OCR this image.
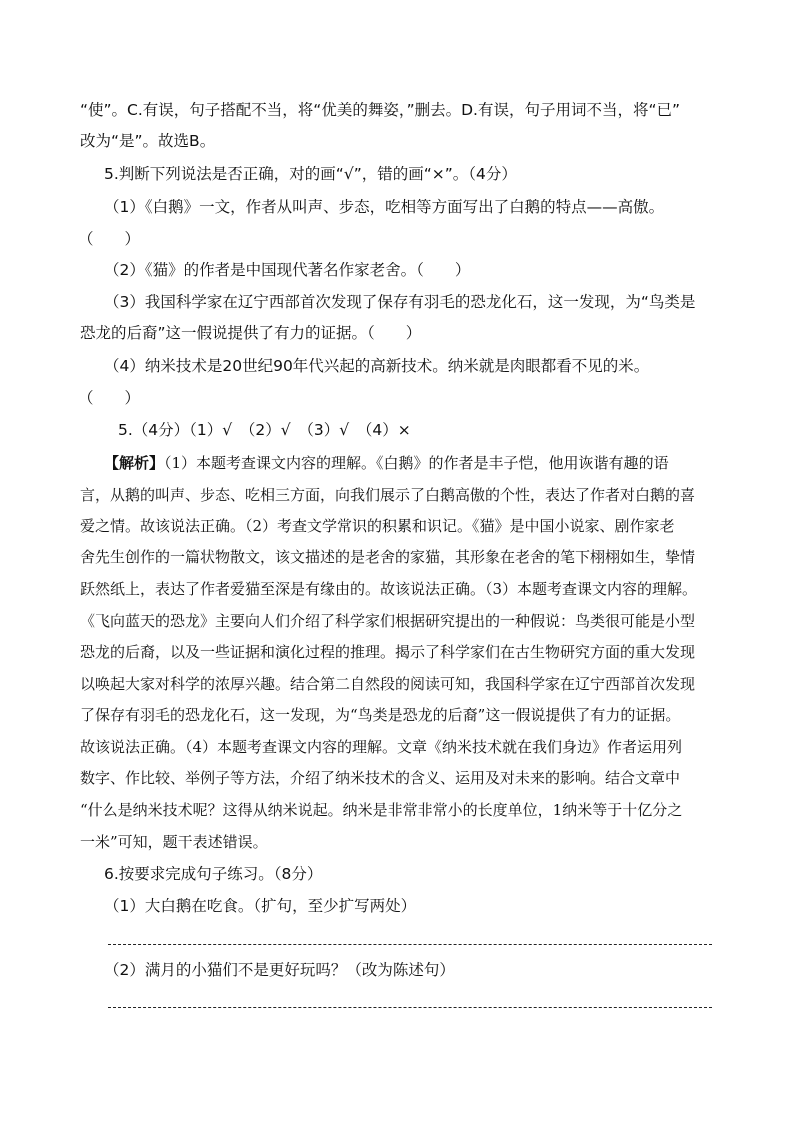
“使”。C.有误，句子搭配不当，将“优美的舞姿，”删去。D.有误，句子用词不当，将“已”
改为“是”。故选B。
5.判断下列说法是否正确，对的画“√”，错的画“×”。（4分）
（1）《白鹅》一文，作者从叫声、步态，吃相等方面写出了白鹅的特点——高傲。
（　　）
（2）《猫》的作者是中国现代著名作家老舍。（　　）
（3）我国科学家在辽宁西部首次发现了保存有羽毛的恐龙化石，这一发现，为“鸟类是
恐龙的后裔”这一假说提供了有力的证据。（　　）
（4）纳米技术是20世纪90年代兴起的高新技术。纳米就是肉眼都看不见的米。
（　　）
5.（4分）（1）√　（2）√　（3）√　（4）×
【解析】（1）本题考查课文内容的理解。《白鹅》的作者是丰子恺，他用诙谐有趣的语
言，从鹅的叫声、步态、吃相三方面，向我们展示了白鹅高傲的个性，表达了作者对白鹅的喜
爱之情。故该说法正确。（2）考查文学常识的积累和识记。《猫》是中国小说家、剧作家老
舍先生创作的一篇状物散文，该文描述的是老舍的家猫，其形象在老舍的笔下栩栩如生，挚情
跃然纸上，表达了作者爱猫至深是有缘由的。故该说法正确。（3）本题考查课文内容的理解。
《飞向蓝天的恐龙》主要向人们介绍了科学家们根据研究提出的一种假说：鸟类很可能是小型
恐龙的后裔，以及一些证据和演化过程的推理。揭示了科学家们在古生物研究方面的重大发现
以唤起大家对科学的浓厚兴趣。结合第二自然段的阅读可知，我国科学家在辽宁西部首次发现
了保存有羽毛的恐龙化石，这一发现，为“鸟类是恐龙的后裔”这一假说提供了有力的证据。
故该说法正确。（4）本题考查课文内容的理解。文章《纳米技术就在我们身边》作者运用列
数字、作比较、举例子等方法，介绍了纳米技术的含义、运用及对未来的影响。结合文章中
“什么是纳米技术呢？这得从纳米说起。纳米是非常非常小的长度单位，1纳米等于十亿分之
一米”可知，题干表述错误。
6.按要求完成句子练习。（8分）
（1）大白鹅在吃食。（扩句，至少扩写两处）
（2）满月的小猫们不是更好玩吗？（改为陈述句）
